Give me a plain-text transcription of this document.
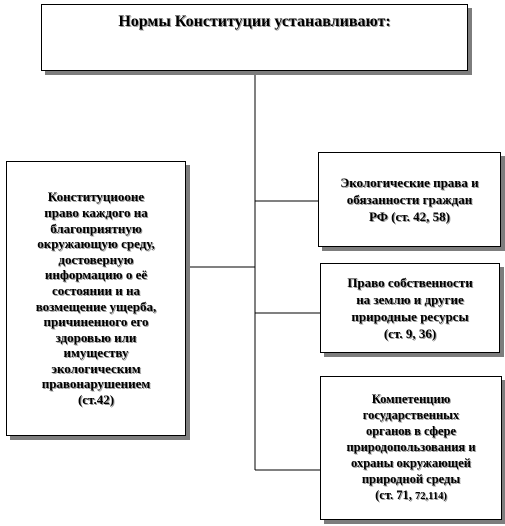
Нормы Конституции устанавливают:
Конституциооне
право каждого на
благоприятную
окружающую среду,
достоверную
информацию о её
состоянии и на
возмещение ущерба,
причиненного его
здоровью или
имуществу
экологическим
правонарушением
(ст.42)
Экологические права и
обязанности граждан
РФ (ст. 42, 58)
Право собственности
на землю и другие
природные ресурсы
(ст. 9, 36)
Компетенцию
государственных
органов в сфере
природопользования и
охраны окружающей
природной среды
(ст. 71, 72,114)
